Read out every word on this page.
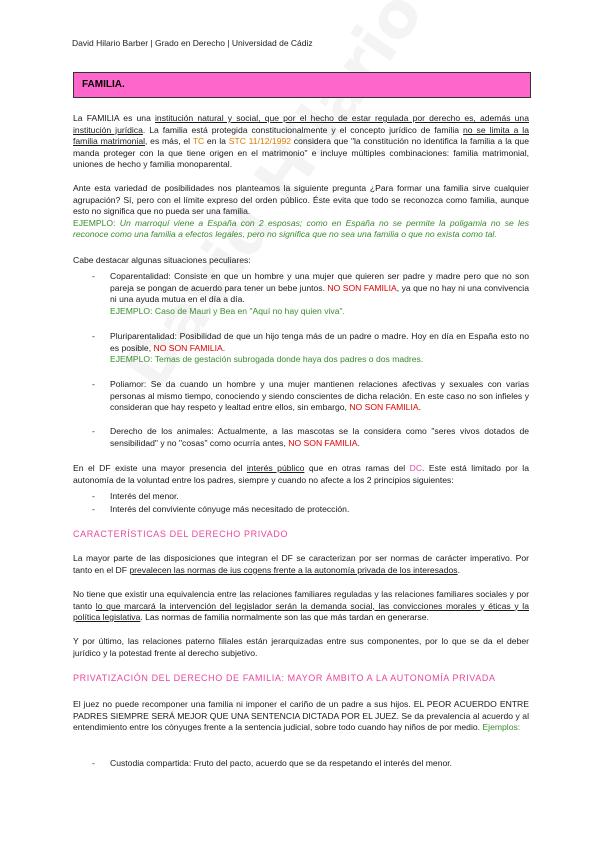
David Hilario Barber | Grado en Derecho | Universidad de Cádiz
FAMILIA.
La FAMILIA es una institución natural y social, que por el hecho de estar regulada por derecho es, además una institución jurídica. La familia está protegida constitucionalmente y el concepto jurídico de familia no se limita a la familia matrimonial, es más, el TC en la STC 11/12/1992 considera que "la constitución no identifica la familia a la que manda proteger con la que tiene origen en el matrimonio" e incluye múltiples combinaciones: familia matrimonial, uniones de hecho y familia monoparental.
Ante esta variedad de posibilidades nos planteamos la siguiente pregunta ¿Para formar una familia sirve cualquier agrupación? Sí, pero con el límite expreso del orden público. Éste evita que todo se reconozca como familia, aunque esto no significa que no pueda ser una familia.
EJEMPLO: Un marroquí viene a España con 2 esposas; como en España no se permite la poligamia no se les reconoce como una familia a efectos legales, pero no significa que no sea una familia o que no exista como tal.
Cabe destacar algunas situaciones peculiares:
- Coparentalidad: Consiste en que un hombre y una mujer que quieren ser padre y madre pero que no son pareja se pongan de acuerdo para tener un bebe juntos. NO SON FAMILIA, ya que no hay ni una convivencia ni una ayuda mutua en el día a día.
EJEMPLO: Caso de Mauri y Bea en "Aquí no hay quien viva".
- Pluriparentalidad: Posibilidad de que un hijo tenga más de un padre o madre. Hoy en día en España esto no es posible, NO SON FAMILIA.
EJEMPLO: Temas de gestación subrogada donde haya dos padres o dos madres.
- Poliamor: Se da cuando un hombre y una mujer mantienen relaciones afectivas y sexuales con varias personas al mismo tiempo, conociendo y siendo conscientes de dicha relación. En este caso no son infieles y consideran que hay respeto y lealtad entre ellos, sin embargo, NO SON FAMILIA.
- Derecho de los animales: Actualmente, a las mascotas se la considera como "seres vivos dotados de sensibilidad" y no "cosas" como ocurría antes, NO SON FAMILIA.
En el DF existe una mayor presencia del interés público que en otras ramas del DC. Este está limitado por la autonomía de la voluntad entre los padres, siempre y cuando no afecte a los 2 principios siguientes:
- Interés del menor.
- Interés del conviviente cónyuge más necesitado de protección.
CARACTERÍSTICAS DEL DERECHO PRIVADO
La mayor parte de las disposiciones que integran el DF se caracterizan por ser normas de carácter imperativo. Por tanto en el DF prevalecen las normas de ius cogens frente a la autonomía privada de los interesados.
No tiene que existir una equivalencia entre las relaciones familiares reguladas y las relaciones familiares sociales y por tanto lo que marcará la intervención del legislador serán la demanda social, las convicciones morales y éticas y la política legislativa. Las normas de familia normalmente son las que más tardan en generarse.
Y por último, las relaciones paterno filiales están jerarquizadas entre sus componentes, por lo que se da el deber jurídico y la potestad frente al derecho subjetivo.
PRIVATIZACIÓN DEL DERECHO DE FAMILIA: MAYOR ÁMBITO A LA AUTONOMÍA PRIVADA
El juez no puede recomponer una familia ni imponer el cariño de un padre a sus hijos. EL PEOR ACUERDO ENTRE PADRES SIEMPRE SERÁ MEJOR QUE UNA SENTENCIA DICTADA POR EL JUEZ. Se da prevalencia al acuerdo y al entendimiento entre los cónyuges frente a la sentencia judicial, sobre todo cuando hay niños de por medio. Ejemplos:
- Custodia compartida: Fruto del pacto, acuerdo que se da respetando el interés del menor.
